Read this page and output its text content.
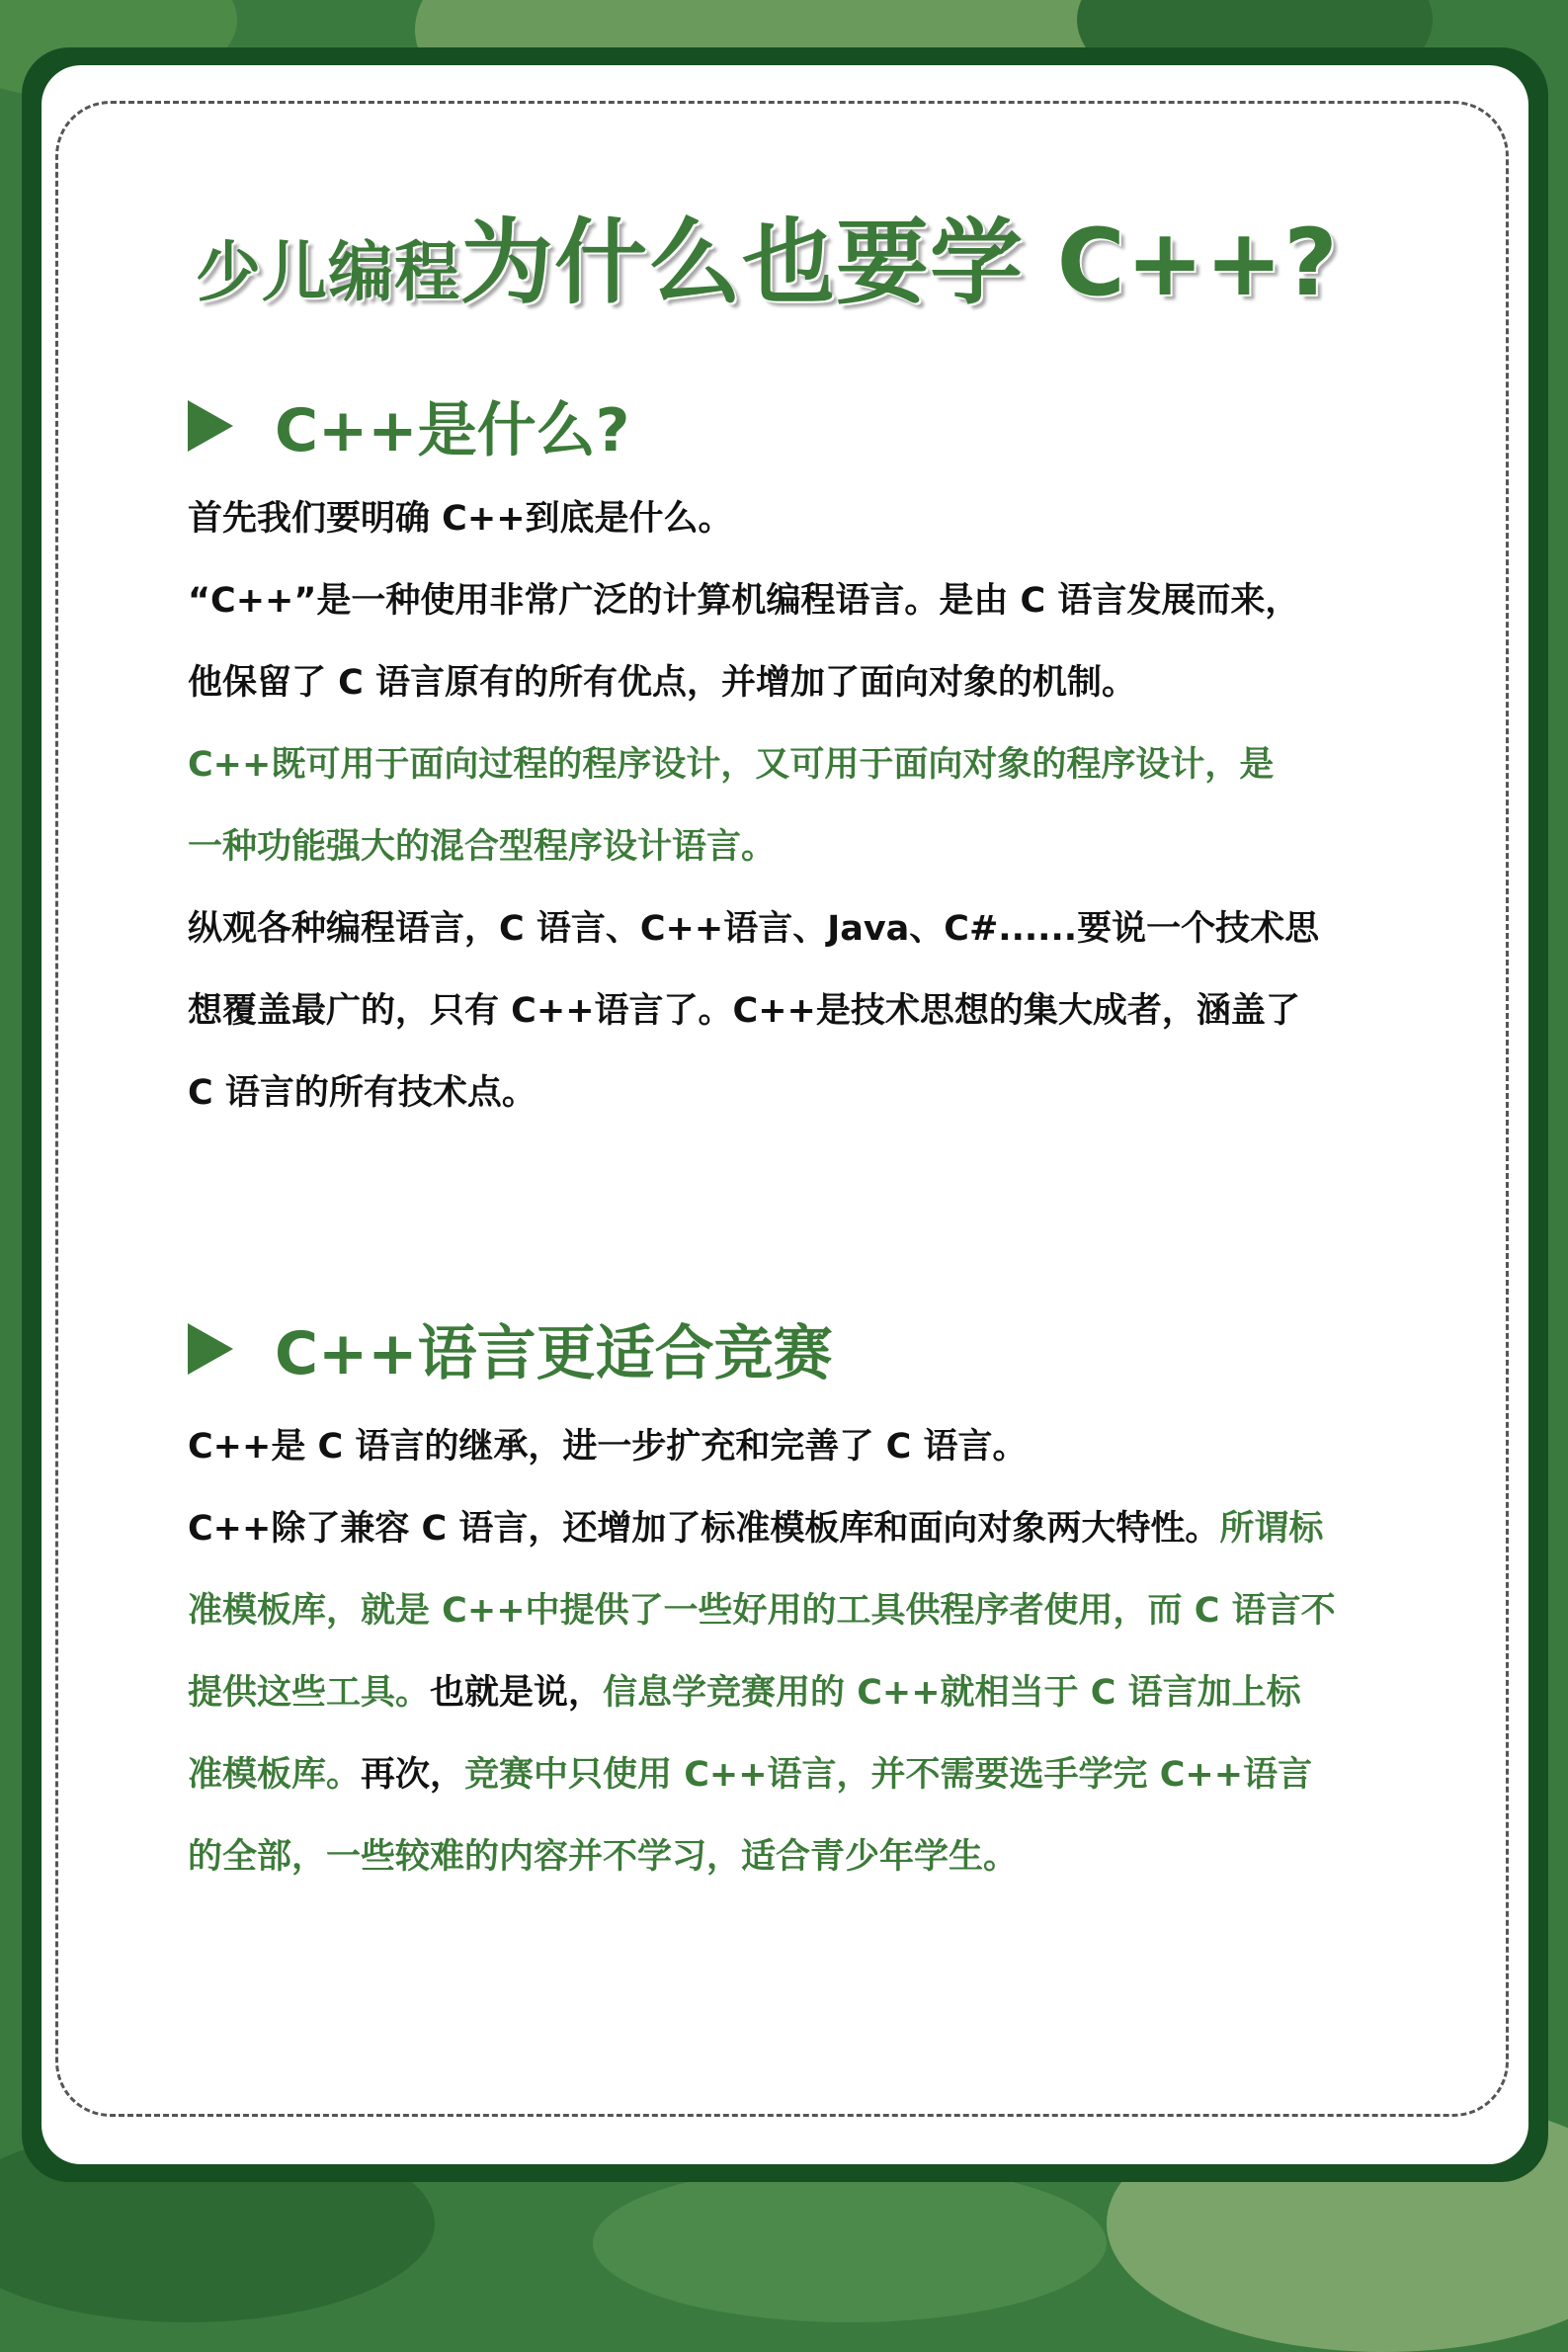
少儿编程为什么也要学 C++?
C++是什么?

首先我们要明确 C++到底是什么。
“C++”是一种使用非常广泛的计算机编程语言。是由 C 语言发展而来，
他保留了 C 语言原有的所有优点，并增加了面向对象的机制。
C++既可用于面向过程的程序设计，又可用于面向对象的程序设计，是
一种功能强大的混合型程序设计语言。
纵观各种编程语言，C 语言、C++语言、Java、C#......要说一个技术思
想覆盖最广的，只有 C++语言了。C++是技术思想的集大成者，涵盖了
C 语言的所有技术点。

C++语言更适合竞赛

C++是 C 语言的继承，进一步扩充和完善了 C 语言。
C++除了兼容 C 语言，还增加了标准模板库和面向对象两大特性。所谓标
准模板库，就是 C++中提供了一些好用的工具供程序者使用，而 C 语言不
提供这些工具。也就是说，信息学竞赛用的 C++就相当于 C 语言加上标
准模板库。再次，竞赛中只使用 C++语言，并不需要选手学完 C++语言
的全部，一些较难的内容并不学习，适合青少年学生。
